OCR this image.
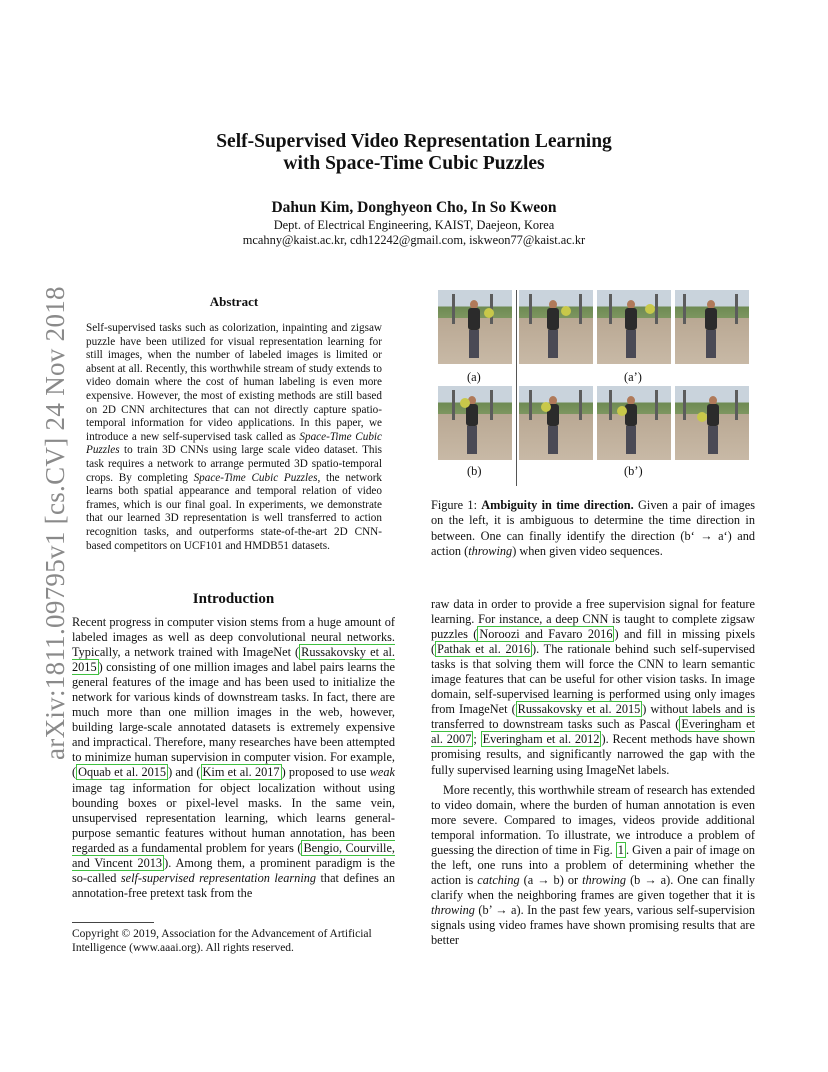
arXiv:1811.09795v1 [cs.CV] 24 Nov 2018
Self-Supervised Video Representation Learning
with Space-Time Cubic Puzzles
Dahun Kim, Donghyeon Cho, In So Kweon
Dept. of Electrical Engineering, KAIST, Daejeon, Korea
mcahny@kaist.ac.kr, cdh12242@gmail.com, iskweon77@kaist.ac.kr
Abstract

Self-supervised tasks such as colorization, inpainting and zigsaw puzzle have been utilized for visual representation learning for still images, when the number of labeled images is limited or absent at all. Recently, this worthwhile stream of study extends to video domain where the cost of human labeling is even more expensive. However, the most of existing methods are still based on 2D CNN architectures that can not directly capture spatio-temporal information for video applications. In this paper, we introduce a new self-supervised task called as Space-Time Cubic Puzzles to train 3D CNNs using large scale video dataset. This task requires a network to arrange permuted 3D spatio-temporal crops. By completing Space-Time Cubic Puzzles, the network learns both spatial appearance and temporal relation of video frames, which is our final goal. In experiments, we demonstrate that our learned 3D representation is well transferred to action recognition tasks, and outperforms state-of-the-art 2D CNN-based competitors on UCF101 and HMDB51 datasets.

Introduction

Recent progress in computer vision stems from a huge amount of labeled images as well as deep convolutional neural networks. Typically, a network trained with ImageNet ( Russakovsky et al. 2015 ) consisting of one million images and label pairs learns the general features of the image and has been used to initialize the network for various kinds of downstream tasks. In fact, there are much more than one million images in the web, however, building large-scale annotated datasets is extremely expensive and impractical. Therefore, many researches have been attempted to minimize human supervision in computer vision. For example, ( Oquab et al. 2015 ) and ( Kim et al. 2017 ) proposed to use weak image tag information for object localization without using bounding boxes or pixel-level masks. In the same vein, unsupervised representation learning, which learns general-purpose semantic features without human annotation, has been regarded as a fundamental problem for years ( Bengio, Courville, and Vincent 2013 ). Among them, a prominent paradigm is the so-called self-supervised representation learning that defines an annotation-free pretext task from the

Copyright © 2019, Association for the Advancement of Artificial Intelligence (www.aaai.org). All rights reserved.
(a)	(a’)
(b)	(b’)
Figure 1: Ambiguity in time direction. Given a pair of images on the left, it is ambiguous to determine the time direction in between. One can finally identify the direction (b‘ → a‘) and action (throwing) when given video sequences.

raw data in order to provide a free supervision signal for feature learning. For instance, a deep CNN is taught to complete zigsaw puzzles ( Noroozi and Favaro 2016 ) and fill in missing pixels ( Pathak et al. 2016 ). The rationale behind such self-supervised tasks is that solving them will force the CNN to learn semantic image features that can be useful for other vision tasks. In image domain, self-supervised learning is performed using only images from ImageNet ( Russakovsky et al. 2015 ) without labels and is transferred to downstream tasks such as Pascal ( Everingham et al. 2007 ; Everingham et al. 2012 ). Recent methods have shown promising results, and significantly narrowed the gap with the fully supervised learning using ImageNet labels.

More recently, this worthwhile stream of research has extended to video domain, where the burden of human annotation is even more severe. Compared to images, videos provide additional temporal information. To illustrate, we introduce a problem of guessing the direction of time in Fig. 1 . Given a pair of image on the left, one runs into a problem of determining whether the action is catching (a → b) or throwing (b → a). One can finally clarify when the neighboring frames are given together that it is throwing (b’ → a). In the past few years, various self-supervision signals using video frames have shown promising results that are better
